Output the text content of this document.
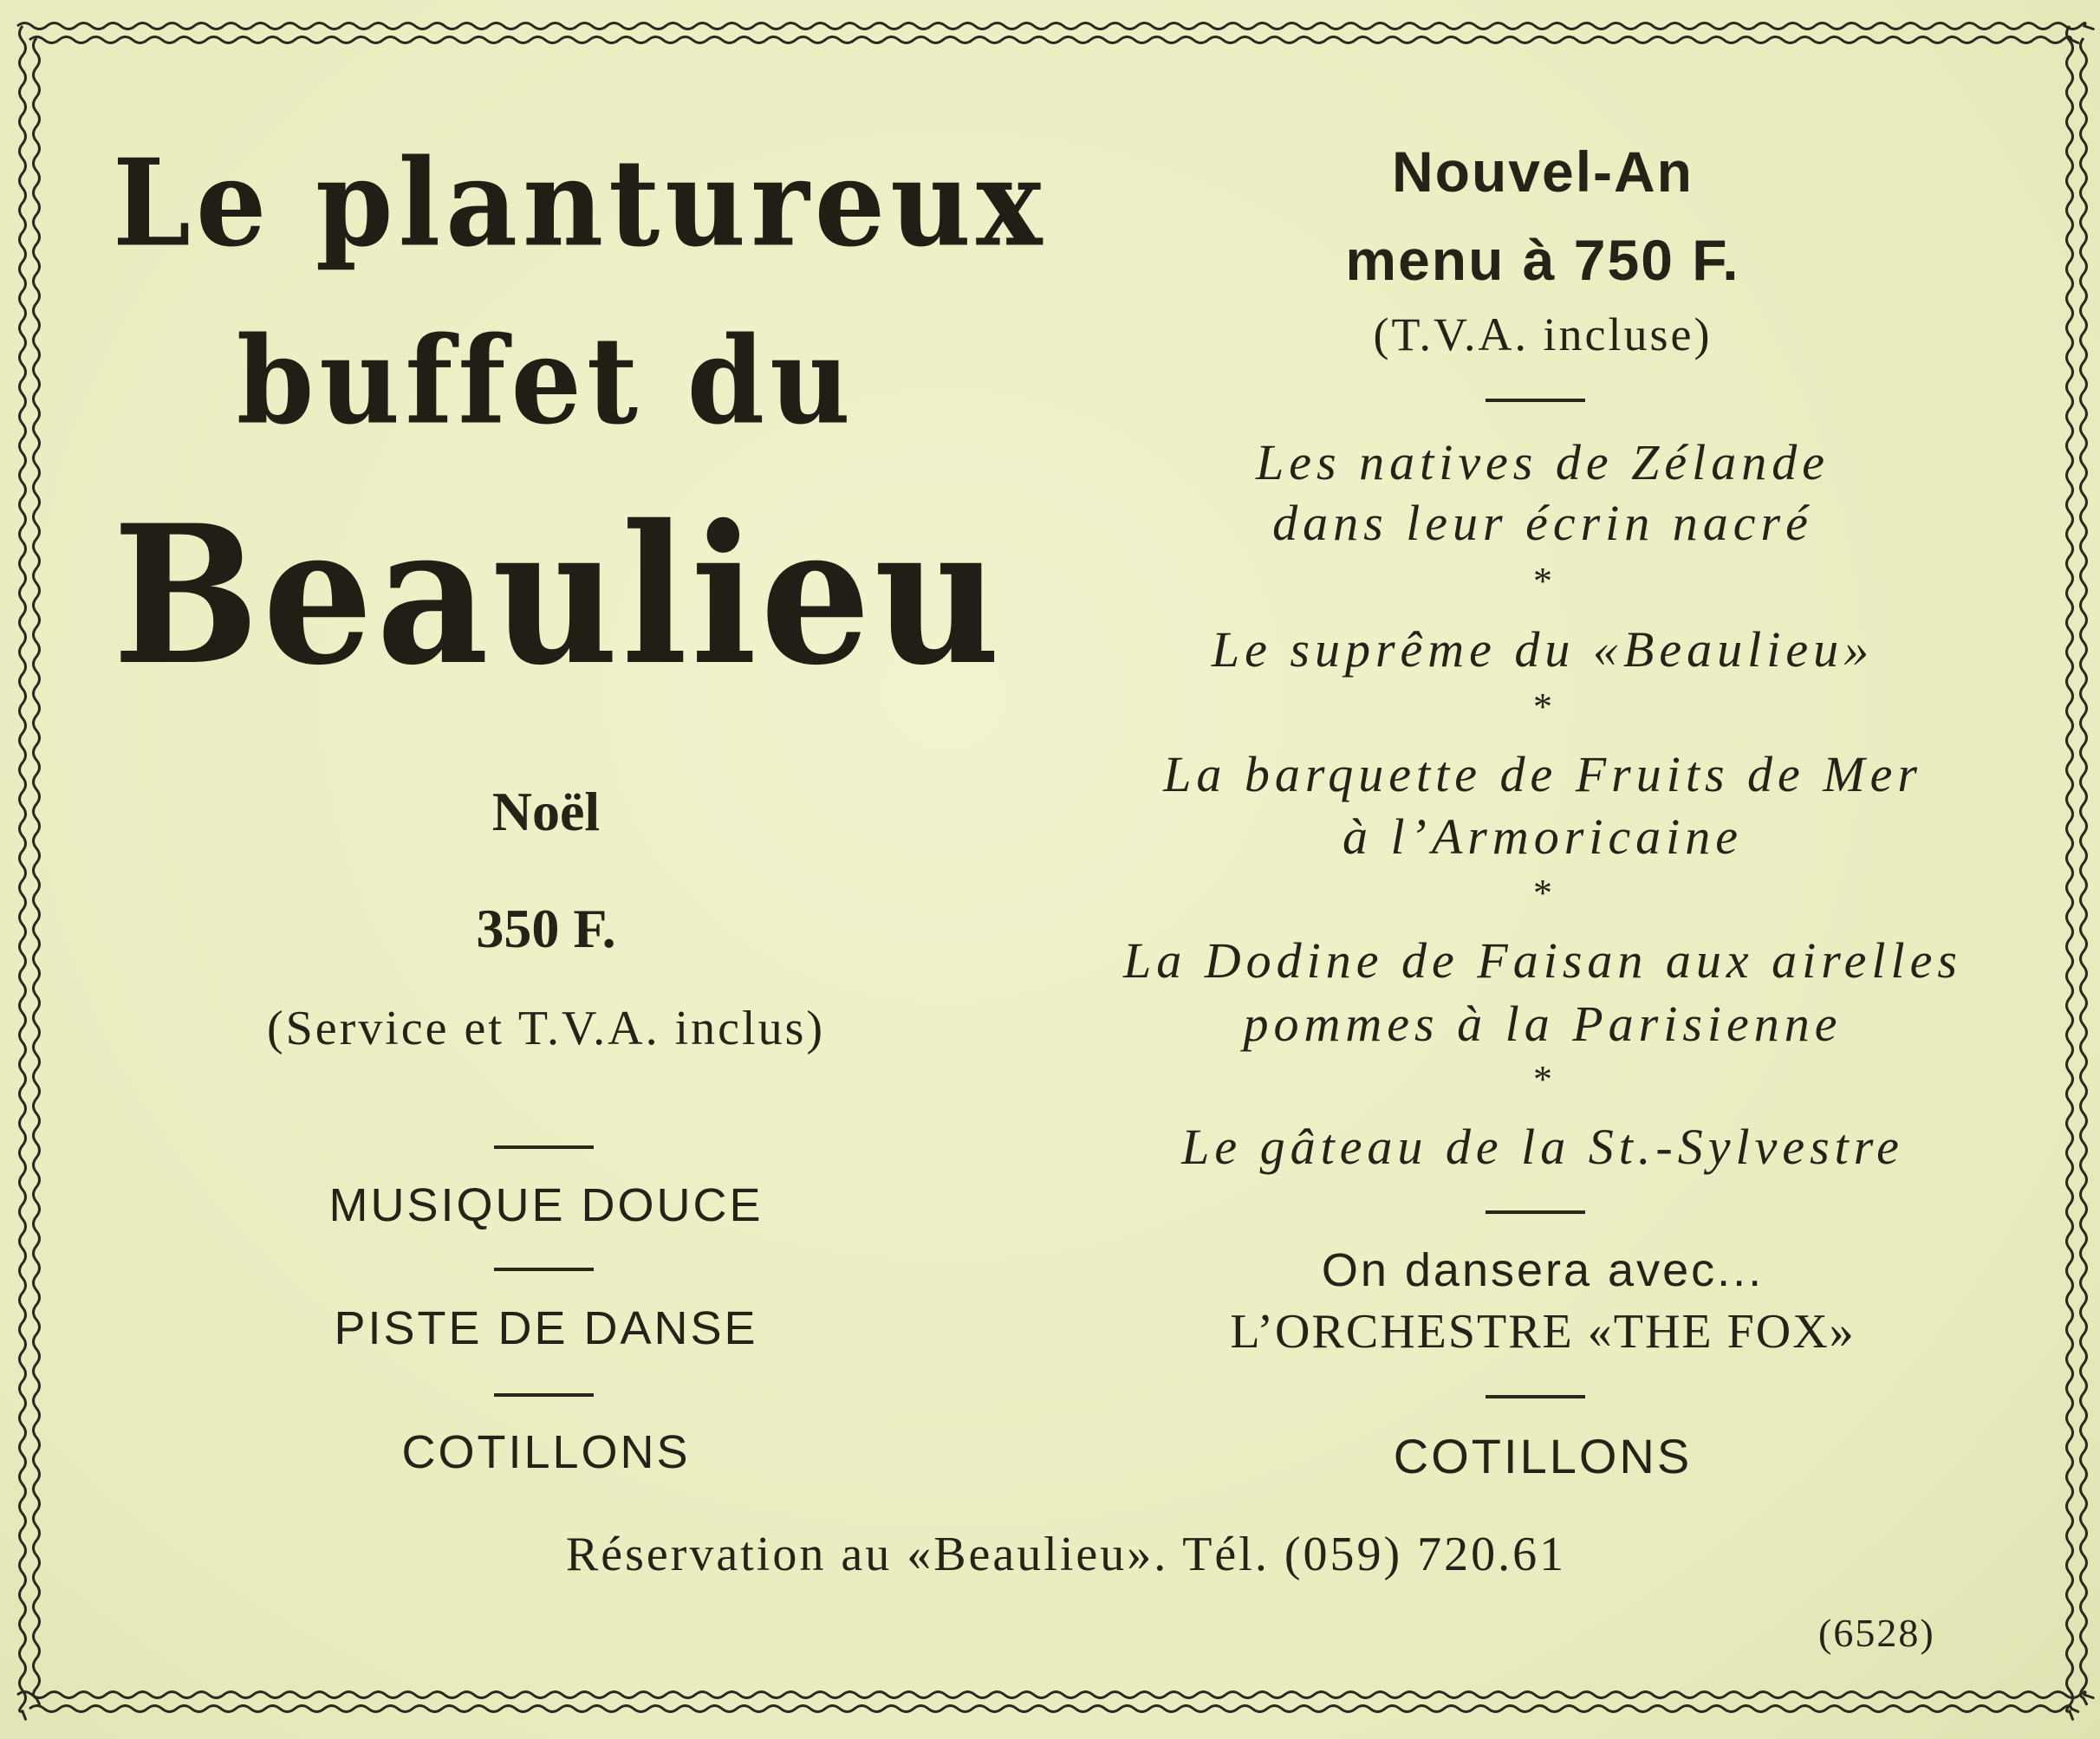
Le plantureux
buffet du
Beaulieu
Noël
350 F.
(Service et T.V.A. inclus)
MUSIQUE DOUCE
PISTE DE DANSE
COTILLONS
Nouvel-An
menu à 750 F.
(T.V.A. incluse)
Les natives de Zélande
dans leur écrin nacré
*
Le suprême du «Beaulieu»
*
La barquette de Fruits de Mer
à l’Armoricaine
*
La Dodine de Faisan aux airelles
pommes à la Parisienne
*
Le gâteau de la St.-Sylvestre
On dansera avec...
L’ORCHESTRE «THE FOX»
COTILLONS
Réservation au «Beaulieu». Tél. (059) 720.61
(6528)
